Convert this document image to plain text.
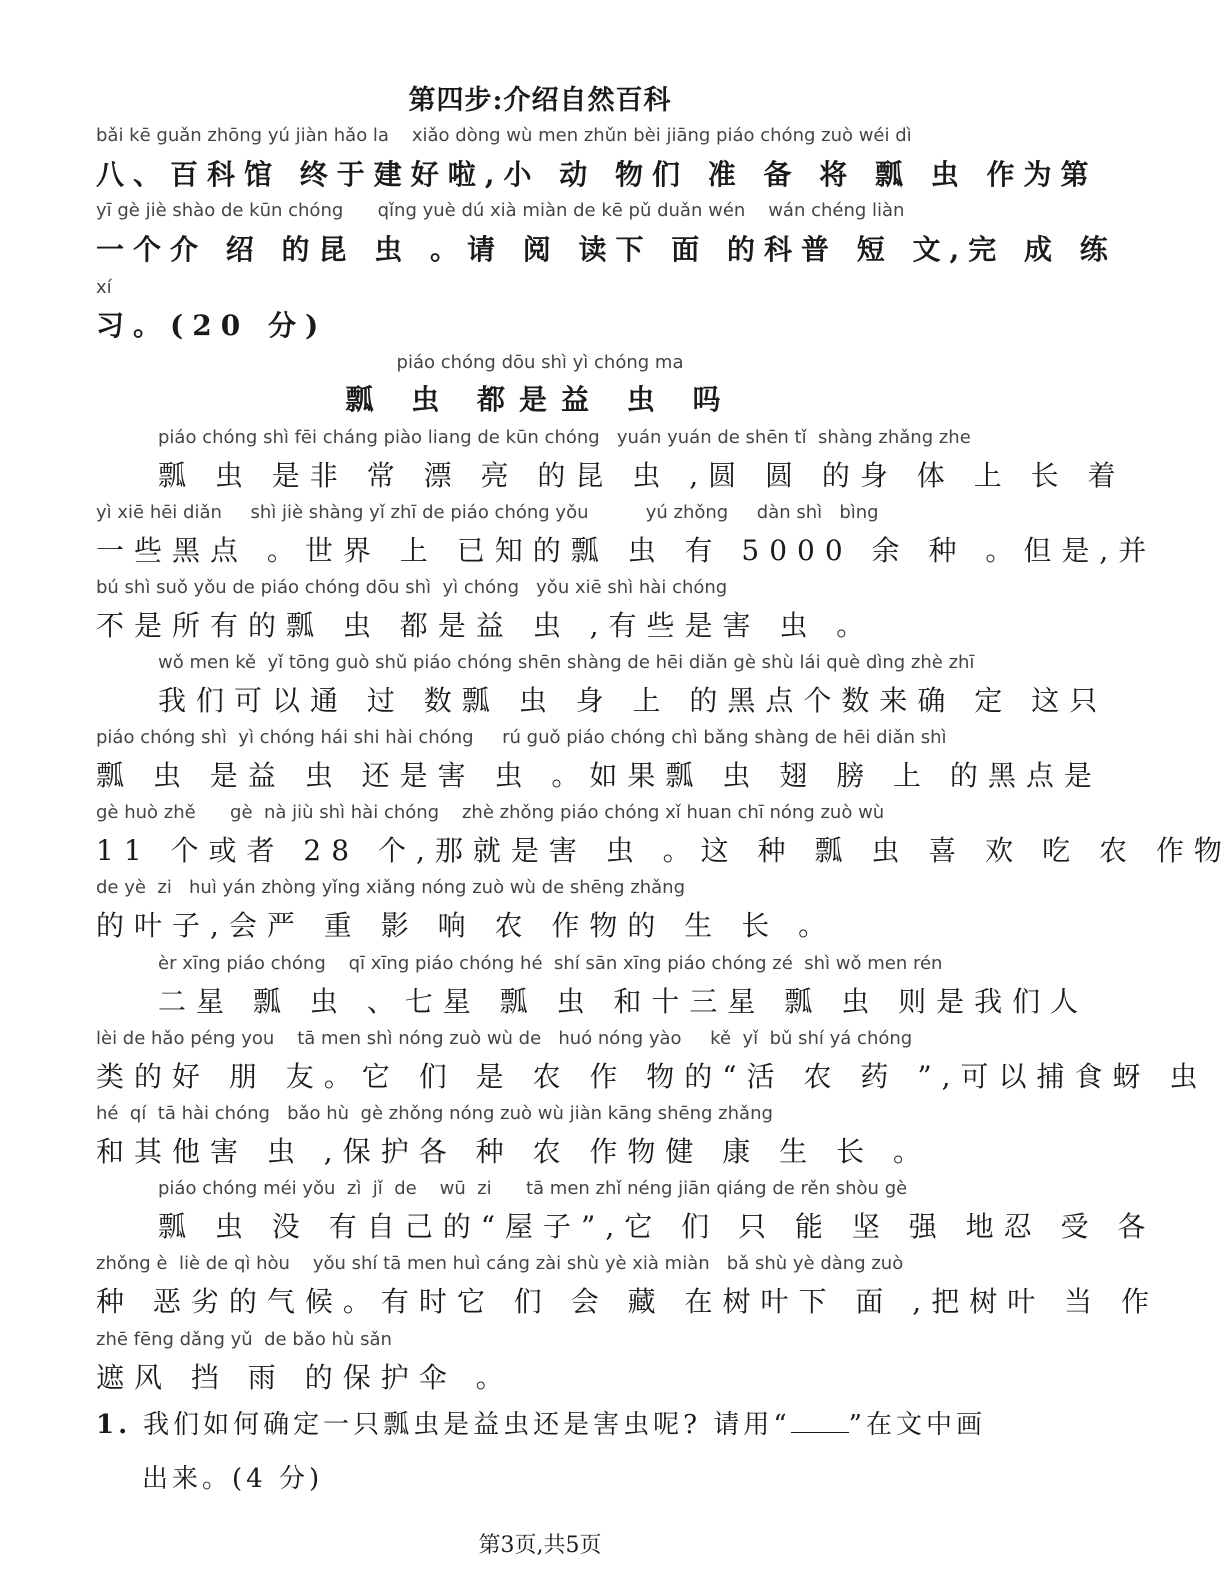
第四步:介绍自然百科
bǎi kē guǎn zhōng yú jiàn hǎo la    xiǎo dòng wù men zhǔn bèi jiāng piáo chóng zuò wéi dì
八、百科馆 终于建好啦,小 动 物们 准 备 将 瓢 虫 作为第
yī gè jiè shào de kūn chóng      qǐng yuè dú xià miàn de kē pǔ duǎn wén    wán chéng liàn
一个介 绍 的昆 虫 。请 阅 读下 面 的科普 短 文,完 成 练
xí
习。(20 分)
piáo chóng dōu shì yì chóng ma
瓢 虫 都是益 虫 吗
piáo chóng shì fēi cháng piào liang de kūn chóng   yuán yuán de shēn tǐ  shàng zhǎng zhe
瓢 虫 是非 常 漂 亮 的昆 虫 ,圆 圆 的身 体 上 长 着
yì xiē hēi diǎn     shì jiè shàng yǐ zhī de piáo chóng yǒu          yú zhǒng     dàn shì   bìng
一些黑点 。世界 上 已知的瓢 虫 有 5000 余 种 。但是,并
bú shì suǒ yǒu de piáo chóng dōu shì  yì chóng   yǒu xiē shì hài chóng
不是所有的瓢 虫 都是益 虫 ,有些是害 虫 。
wǒ men kě  yǐ tōng guò shǔ piáo chóng shēn shàng de hēi diǎn gè shù lái què dìng zhè zhī
我们可以通 过 数瓢 虫 身 上 的黑点个数来确 定 这只
piáo chóng shì  yì chóng hái shi hài chóng     rú guǒ piáo chóng chì bǎng shàng de hēi diǎn shì
瓢 虫 是益 虫 还是害 虫 。如果瓢 虫 翅 膀 上 的黑点是
gè huò zhě      gè  nà jiù shì hài chóng    zhè zhǒng piáo chóng xǐ huan chī nóng zuò wù
11 个或者 28 个,那就是害 虫 。这 种 瓢 虫 喜 欢 吃 农 作物
de yè  zi   huì yán zhòng yǐng xiǎng nóng zuò wù de shēng zhǎng
的叶子,会严 重 影 响 农 作物的 生 长 。
èr xīng piáo chóng    qī xīng piáo chóng hé  shí sān xīng piáo chóng zé  shì wǒ men rén
二星 瓢 虫 、七星 瓢 虫 和十三星 瓢 虫 则是我们人
lèi de hǎo péng you    tā men shì nóng zuò wù de   huó nóng yào     kě  yǐ  bǔ shí yá chóng
类的好 朋 友。它 们 是 农 作 物的“活 农 药 ”,可以捕食蚜 虫
hé  qí  tā hài chóng   bǎo hù  gè zhǒng nóng zuò wù jiàn kāng shēng zhǎng
和其他害 虫 ,保护各 种 农 作物健 康 生 长 。
piáo chóng méi yǒu  zì  jǐ  de    wū  zi      tā men zhǐ néng jiān qiáng de rěn shòu gè
瓢 虫 没 有自己的“屋子”,它 们 只 能 坚 强 地忍 受 各
zhǒng è  liè de qì hòu    yǒu shí tā men huì cáng zài shù yè xià miàn   bǎ shù yè dàng zuò
种 恶劣的气候。有时它 们 会 藏 在树叶下 面 ,把树叶 当 作
zhē fēng dǎng yǔ  de bǎo hù sǎn
遮风 挡 雨 的保护伞 。
1. 我们如何确定一只瓢虫是益虫还是害虫呢? 请用“ ”在文中画
出来。(4 分)
第3页,共5页
